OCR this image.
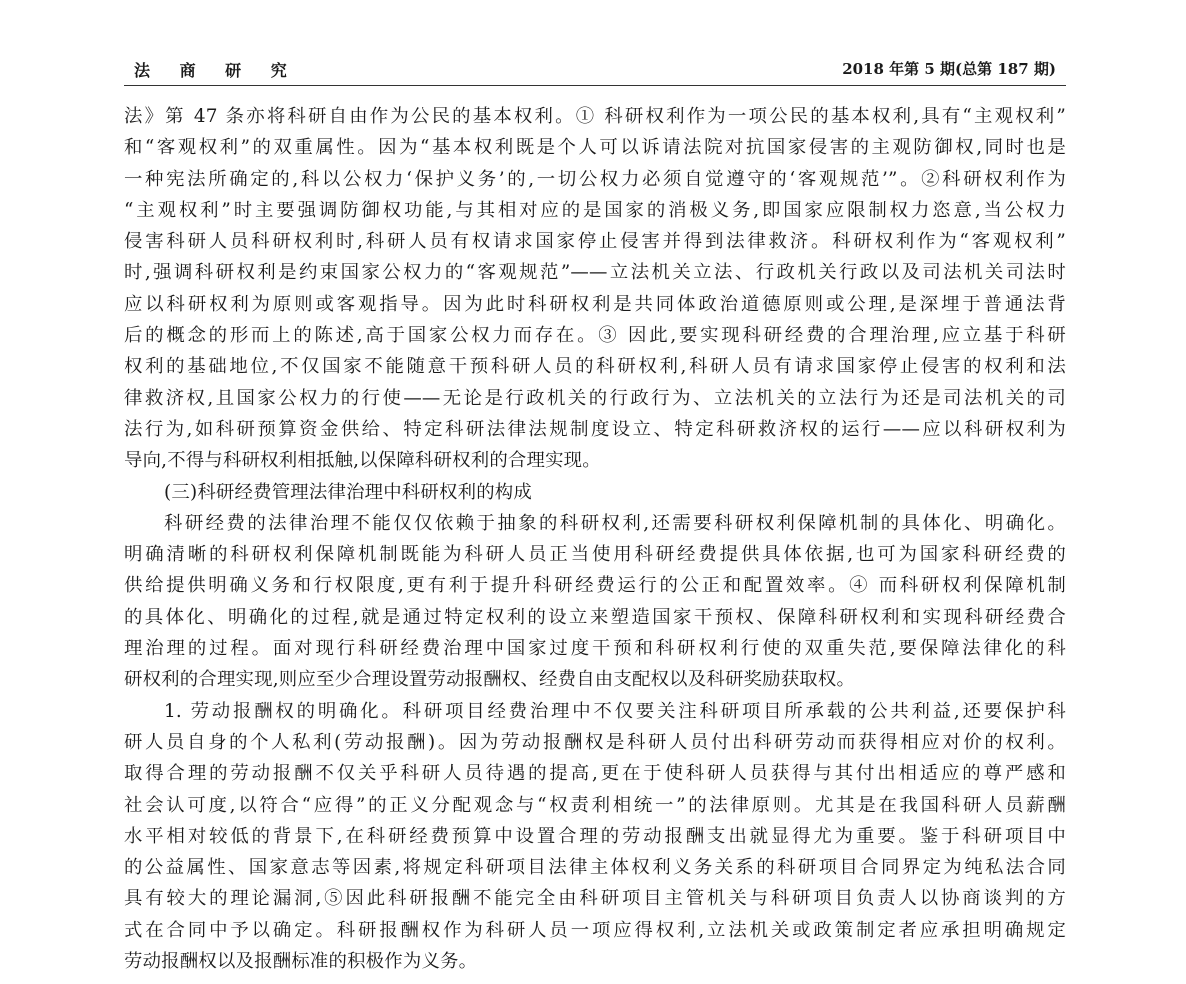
法 商 研 究	2018 年第 5 期(总第 187 期)
法》第 47 条亦将科研自由作为公民的基本权利。① 科研权利作为一项公民的基本权利,具有“主观权利”
和“客观权利”的双重属性。因为“基本权利既是个人可以诉请法院对抗国家侵害的主观防御权,同时也是
一种宪法所确定的,科以公权力‘保护义务’的,一切公权力必须自觉遵守的‘客观规范’”。②科研权利作为
“主观权利”时主要强调防御权功能,与其相对应的是国家的消极义务,即国家应限制权力恣意,当公权力
侵害科研人员科研权利时,科研人员有权请求国家停止侵害并得到法律救济。科研权利作为“客观权利”
时,强调科研权利是约束国家公权力的“客观规范”——立法机关立法、行政机关行政以及司法机关司法时
应以科研权利为原则或客观指导。因为此时科研权利是共同体政治道德原则或公理,是深埋于普通法背
后的概念的形而上的陈述,高于国家公权力而存在。③ 因此,要实现科研经费的合理治理,应立基于科研
权利的基础地位,不仅国家不能随意干预科研人员的科研权利,科研人员有请求国家停止侵害的权利和法
律救济权,且国家公权力的行使——无论是行政机关的行政行为、立法机关的立法行为还是司法机关的司
法行为,如科研预算资金供给、特定科研法律法规制度设立、特定科研救济权的运行——应以科研权利为
导向,不得与科研权利相抵触,以保障科研权利的合理实现。
(三)科研经费管理法律治理中科研权利的构成
科研经费的法律治理不能仅仅依赖于抽象的科研权利,还需要科研权利保障机制的具体化、明确化。
明确清晰的科研权利保障机制既能为科研人员正当使用科研经费提供具体依据,也可为国家科研经费的
供给提供明确义务和行权限度,更有利于提升科研经费运行的公正和配置效率。④ 而科研权利保障机制
的具体化、明确化的过程,就是通过特定权利的设立来塑造国家干预权、保障科研权利和实现科研经费合
理治理的过程。面对现行科研经费治理中国家过度干预和科研权利行使的双重失范,要保障法律化的科
研权利的合理实现,则应至少合理设置劳动报酬权、经费自由支配权以及科研奖励获取权。
1. 劳动报酬权的明确化。科研项目经费治理中不仅要关注科研项目所承载的公共利益,还要保护科
研人员自身的个人私利(劳动报酬)。因为劳动报酬权是科研人员付出科研劳动而获得相应对价的权利。
取得合理的劳动报酬不仅关乎科研人员待遇的提高,更在于使科研人员获得与其付出相适应的尊严感和
社会认可度,以符合“应得”的正义分配观念与“权责利相统一”的法律原则。尤其是在我国科研人员薪酬
水平相对较低的背景下,在科研经费预算中设置合理的劳动报酬支出就显得尤为重要。鉴于科研项目中
的公益属性、国家意志等因素,将规定科研项目法律主体权利义务关系的科研项目合同界定为纯私法合同
具有较大的理论漏洞,⑤因此科研报酬不能完全由科研项目主管机关与科研项目负责人以协商谈判的方
式在合同中予以确定。科研报酬权作为科研人员一项应得权利,立法机关或政策制定者应承担明确规定
劳动报酬权以及报酬标准的积极作为义务。
